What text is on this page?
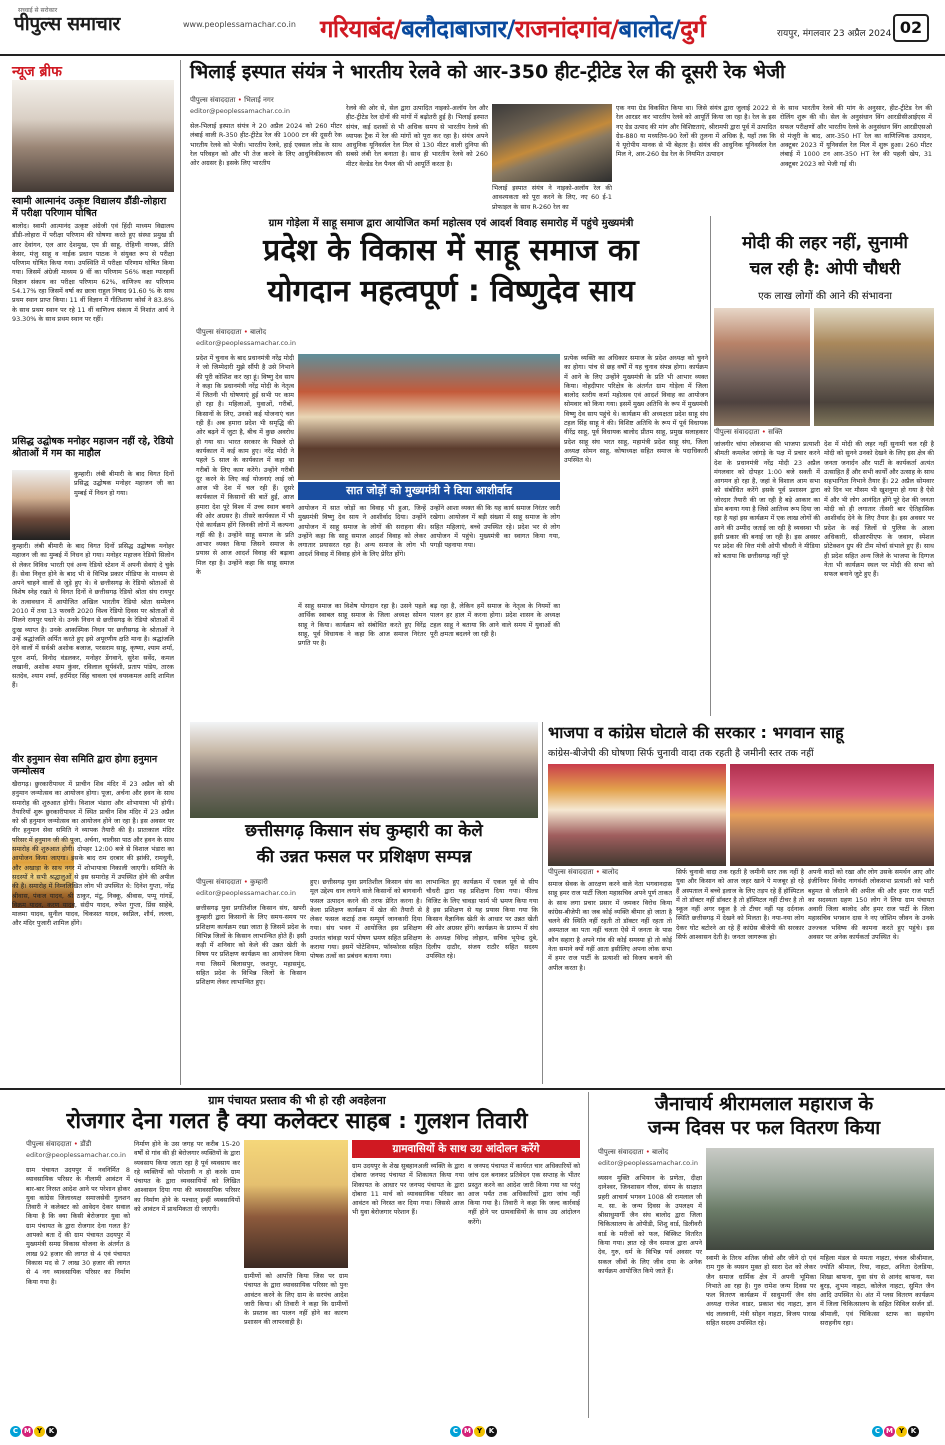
सच्चाई से सरोकार
पीपुल्स समाचार	www.peoplessamachar.co.in गरियाबंद/बलौदाबाजार/राजनांदगांव/बालोद/दुर्ग	रायपुर, मंगलवार 23 अप्रैल 2024 02
न्यूज ब्रीफ
स्वामी आत्मानंद उत्कृष्ट विद्यालय डौंडी-लोहारा में परीक्षा परिणाम घोषित
बालोद। स्वामी आत्मानंद उत्कृष्ट अंग्रेजी एवं हिंदी माध्यम विद्यालय डौंडी-लोहारा में परीक्षा परिणाम की घोषणा करते हुए संस्था प्रमुख डी आर देवांगन, एल आर देशमुख, एम डी साहू, रोहिणी नायक, प्रीति केसर, मंजु साहू व नाईक प्रधान पाठक ने संयुक्त रूप से परीक्षा परिणाम घोषित किया गया। उपस्थिति में परीक्षा परिणाम घोषित किया गया। जिसमें अंग्रेजी माध्यम 9 वीं का परिणाम 56% कक्षा ग्यारहवीं विज्ञान संकाय का परीक्षा परिणाम 62%, वाणिज्य का परिणाम 54.17% रहा जिसमें वर्षा का छात्रा राहुल निषाद 91.60 % के साथ प्रथम स्थान प्राप्त किया। 11 वीं विज्ञान में गीतिशाया कोर्स ने 83.8% के साथ प्रथम स्थान पर रहे 11 वीं वाणिज्य संकाय में निशांत आर्य ने 93.30% के साथ प्रथम स्थान पर रहीं।
प्रसिद्ध उद्घोषक मनोहर महाजन नहीं रहे, रेडियो श्रोताओं में गम का माहौल
कुम्हारी। लंबी बीमारी के बाद विगत दिनों प्रसिद्ध उद्घोषक मनोहर महाजन जी का मुम्बई में निधन हो गया।
कुम्हारी। लंबी बीमारी के बाद विगत दिनों प्रसिद्ध उद्घोषक मनोहर महाजन जी का मुम्बई में निधन हो गया। मनोहर महाजन रेडियो सिलोन से लेकर विविध भारती एवं अन्य रेडियो स्टेशन में अपनी सेवाएं दे चुके हैं। सेवा निवृत्त होने के बाद भी वे विभिन्न प्रकार मीडिया के माध्यम से अपने चाहने वालों से जुड़े हुए थे। वे छत्तीसगढ़ के रेडियो श्रोताओं से विशेष स्नेह रखते थे विगत दिनों वे छत्तीसगढ़ रेडियो श्रोता संघ रायपुर के तत्वावधान में आयोजित अखिल भारतीय रेडियो श्रोता सम्मेलन 2010 में तथा 13 फरवरी 2020 विश्व रेडियो दिवस पर श्रोताओं से मिलने रायपुर पधारे थे। उनके निधन से छत्तीसगढ़ के रेडियो श्रोताओं में दुःख व्याप्त है। उनके आकस्मिक निधन पर छत्तीसगढ़ के श्रोताओं ने उन्हें श्रद्धांजलि अर्पित करते हुए इसे अपूरणीय क्षति माना है। श्रद्धांजलि देने वालों में सर्वश्री अशोक बजाज, परसराम साहू, कृष्णा, श्याम शर्मा, पूरन शर्मा, विनोद वंडलकर, मनोहर डेंगवाने, सुरेश सर्वेद, कमल लखानी, अशोक श्याम कुंवर, रविलाल सूर्यवंशी, प्रताप पांडेय, तारक सतदेव, श्याम शर्मा, हरमिंदर सिंह चावला एवं वयस्कमल आदि शामिल हैं।
वीर हनुमान सेवा समिति द्वारा होगा हनुमान जन्मोत्सव
खैरागढ़। छुरकारीपाथर में प्राचीन शिव मंदिर में 23 अप्रैल को श्री हनुमान जन्मोत्सव का आयोजन होगा। पूजा, अर्चना और हवन के साथ समारोह की शुरुआत होगी। विशाल भंडारा और शोभायात्रा भी होगी। तैयारियाँ शुरू छुरकारीपाथर में स्थित प्राचीन शिव मंदिर में 23 अप्रैल को श्री हनुमान जन्मोत्सव का आयोजन होने जा रहा है। इस अवसर पर वीर हनुमान सेवा समिति ने व्यापक तैयारी की है। प्रातःकाल मंदिर परिसर में हनुमान जी की पूजा, अर्चना, चालीसा पाठ और हवन के साथ समारोह की शुरुआत होगी। दोपहर 12:00 बजे से विशाल भंडारा का आयोजन किया जाएगा। इसके बाद राम दरबार की झांकी, रामधुनी, और अखाड़ा के साथ नगर में शोभायात्रा निकाली जाएगी। समिति के सदस्यों ने सभी श्रद्धालुओं से इस समारोह में उपस्थित होने की अपील की है। समारोह में निम्नलिखित लोग भी उपस्थित थे: दिनेश गुप्ता, नरेंद्र श्रीवास, पंकज यादव, श्री ठाकुर, मंटू, निक्कू, श्रीवास, पप्पू गांगर्डे, विक्रम यादव, करण यादव, संदीप यादव, रुपेश गुप्ता, प्रिंस साहेबे, मालमा यादव, सुनील यादव, चिकसत यादव, स्वप्निल, शौर्य, लल्ला, और मंदिर पुजारी शामिल होंगे।
भिलाई इस्पात संयंत्र ने भारतीय रेलवे को आर-350 हीट-ट्रीटेड रेल की दूसरी रेक भेजी
पीपुल्स संवाददाता • भिलाई नगर
editor@peoplessamachar.co.in
सेल-भिलाई इस्पात संयंत्र ने 20 अप्रैल 2024 को 260 मीटर लंबाई वाली R-350 हीट-ट्रीटेड रेल की 1000 टन की दूसरी रेक भारतीय रेलवे को भेजी। भारतीय रेलवे, हाई एक्सल लोड के साथ रेल परिवहन को और भी तेज करने के लिए आधुनिकीकरण की ओर अग्रसर है। इसके लिए भारतीय
रेलवे की ओर से, सेल द्वारा उत्पादित नाइको-अलॉय रेल और हीट-ट्रीटेड रेल दोनों की मांगों में बढ़ोतरी हुई है। भिलाई इस्पात संयंत्र, कई दशकों से भी अधिक समय से भारतीय रेलवे की व्यापक ट्रैक में रेल की मांगों को पूरा कर रहा है। संयंत्र अपने आधुनिक यूनिवर्सल रेल मिल से 130 मीटर वाली दुनिया की सबसे लंबी रेल बनाता है। साथ ही भारतीय रेलवे को 260 मीटर वेल्डेड रेल पैनल की भी आपूर्ति करता है।
भिलाई इस्पात संयंत्र ने नाइको-अलॉय रेल की आवश्यकता को पूरा करने के लिए, नए 60 ई-1 प्रोफाइल के साथ R-260 रेल का
एक नया ग्रेड विकसित किया था। जिसे संयंत्र द्वारा जुलाई 2022 से रेल आरडर कर भारतीय रेलवे को आपूर्ति किया जा रहा है। रेल के इस नए ग्रेड उत्पाद की मांग और विशिष्टताएं, श्रीरामपी द्वारा पूर्व में उत्पादित ग्रेड-880 या मध्यतिम-90 रेलों की तुलना में अधिक है, यहाँ तक कि ये यूरोपीय मानक से भी बेहतर है। संयंत्र की आधुनिक यूनिवर्सल रेल मिल ने, आर-260 ग्रेड रेल के नियमित उत्पादन
के साथ भारतीय रेलवे की मांग के अनुसार, हीट-ट्रीटेड रेल की रोलिंग शुरू की थी। सेल के अनुसंधान विंग आरडीसीआईएस में सफल परीक्षणों और भारतीय रेलवे के अनुसंधान विंग आरडीएसओ से मंजूरी के बाद, आर-350 HT रेल का वाणिज्यिक उत्पादन, अक्टूबर 2023 में यूनिवर्सल रेल मिल में शुरू हुआ। 260 मीटर लंबाई में 1000 टन आर-350 HT रेल की पहली खेप, 31 अक्टूबर 2023 को भेजी गई थी।
ग्राम गोड़ेला में साहू समाज द्वारा आयोजित कर्मा महोत्सव एवं आदर्श विवाह समारोह में पहुंचे मुख्यमंत्री
प्रदेश के विकास में साहू समाज का
योगदान महत्वपूर्ण : विष्णुदेव साय
पीपुल्स संवाददाता • बालोद
editor@peoplessamachar.co.in
प्रदेश में चुनाव के बाद प्रधानमंत्री नरेंद्र मोदी ने जो जिम्मेदारी मुझे सौंपी है उसे निभाने की पूरी कोशिश कर रहा हूं। विष्णु देव साय ने कहा कि प्रधानमंत्री नरेंद्र मोदी के नेतृत्व में जितनी भी घोषणाएं हुई सभी पर काम हो रहा है। महिलाओं, युवाओं, गरीबों, किसानों के लिए, उनको कई योजनाएं चल रही हैं। अब हमारा प्रदेश भी समृद्धि की ओर बढ़ने में जुटा है, बीच में कुछ अवरोध हो गया था। भारत सरकार के पिछले दो कार्यकाल में कई काम हुए। नरेंद्र मोदी ने पहले 5 साल के कार्यकाल में कहा था गरीबों के लिए काम करेंगे। उन्होंने गरीबी दूर करने के लिए कई योजनाएं लाई जो आज भी देश में चल रही हैं। दूसरे कार्यकाल में किसानों की बातें हुईं, आज हमारा देश पूरे विश्व में उच्च स्थान बनाने की ओर अग्रसर है। तीसरे कार्यकाल में भी ऐसे कार्यक्रम होंगे जिनकी लोगों में कल्पना नहीं की है। उन्होंने साहू समाज के प्रति आभार व्यक्त किया जिसने समाज के प्रयास से आज आदर्श विवाह की बढ़ावा मिल रहा है। उन्होंने कहा कि साहू समाज के
सात जोड़ों को मुख्यमंत्री ने दिया आशीर्वाद
आयोजन में सात जोड़ों का विवाह भी हुआ, जिन्हें मुख्यमंत्री विष्णु देव साय ने आशीर्वाद दिया। उन्होंने आयोजन में साहू समाज के लोगों की सराहना की। उन्होंने कहा कि साहू समाज आदर्श विवाह को लेकर लगातार प्रयासरत रहा है। अन्य समाज के लोग भी आदर्श विवाह में विवाह होने के लिए प्रेरित होंगे।
उन्होंने आशा व्यक्त की कि यह कार्य समाज निरंतर जारी रखेगा। आयोजन में बड़ी संख्या में साहू समाज के लोग सहित महिलाएं, बच्चे उपस्थित रहे। प्रदेश भर से लोग आयोजन में पहुंचे। मुख्यमंत्री का स्वागत किया गया, पगड़ी पहनाया गया।
में साहू समाज का विशेष योगदान रहा है। उसने पहले आर्थिक स्वाबल साहू समाज के जिला अध्यक्ष सोमन साहू ने किया। कार्यक्रम को संबोधित करते हुए विरेंद्र साहू, पूर्व विधायक ने कहा कि आज समाज निरंतर प्रगति पर है।
बढ़ रहा है, लेकिन हमें समाज के नेतृत्व के नियमों का पालन हर हाल में करना होगा। प्रदेश शासन के अध्यक्ष टहल साहू ने बताया कि आने वाले समय में युवाओं की पूरी क्षमता बदलने जा रही है।
प्रत्येक व्यक्ति का अधिकार समाज के प्रदेश अध्यक्ष को चुनने का होगा। पांच से छह वर्षों में यह चुनाव संपन्न होगा। कार्यक्रम में आने के लिए उन्होंने मुख्यमंत्री के प्रति भी आभार व्यक्त किया। नोहदीपार परिक्षेत्र के अंतर्गत ग्राम गोड़ेला में जिला बालोद स्तरीय कर्मा महोत्सव एवं आदर्श विवाह का आयोजन सोमवार को किया गया। इसमें मुख्य अतिथि के रूप में मुख्यमंत्री विष्णु देव साय पहुंचे थे। कार्यक्रम की अध्यक्षता प्रदेश साहू संघ टहल सिंह साहू ने की। विशिष्ट अतिथि के रूप में पूर्व विधायक वीरेंद्र साहू, पूर्व विधायक बालोद प्रीतम साहू, प्रमुख सलाहकार प्रदेश साहू संघ भरत साहू, महामंत्री प्रदेश साहू संघ, जिला अध्यक्ष सोमन साहू, कोषाध्यक्ष सहित समाज के पदाधिकारी उपस्थित थे।
मोदी की लहर नहीं, सुनामी
चल रही है: ओपी चौधरी
एक लाख लोगों की आने की संभावना
पीपुल्स संवाददाता • सक्ति
जांजगीर चांपा लोकसभा की भाजपा प्रत्याशी श्रीमती कमलेश जांगड़े के पक्ष में प्रचार करने देश के प्रधानमंत्री नरेंद्र मोदी 23 अप्रैल मंगलवार को दोपहर 1:00 बजे सक्ती में आगमन हो रहा है, जहां वे विशाल आम सभा को संबोधित करेंगे इसके पूर्व प्रशासन द्वारा जोरदार तैयारी की जा रही है बड़े आकार का डोम बनाया गया है जिसे आतिथ्य रूप दिया जा रहा है यहां इस कार्यक्रम में एक लाख लोगों की आने की उम्मीद जताई जा रही है व्यवस्था भी इसी प्रकार की बनाई जा रही है। इस अवसर पर प्रदेश की वित्त मंत्री ओपी चौधरी ने मीडिया को बताया कि छत्तीसगढ़ नहीं पूरे
देश में मोदी की लहर नहीं सुनामी चल रही है मोदी को सुनने उनको देखने के लिए इस क्षेत्र की जनता जनार्दन और पार्टी के कार्यकर्ता अत्यंत उत्साहित हैं और सभी कार्यों और उत्साह के साथ सहभागिता निभाने तैयार हैं। 22 अप्रैल सोमवार को दिन भर मौसम भी खुशनुमा हो गया है ऐसे में और भी लोग आनंदित होंगे पूरे देश की जनता मोदी को ही लगातार तीसरी बार ऐतिहासिक आशीर्वाद देने के लिए तैयार है। इस अवसर पर प्रदेश के कई जिलों से पुलिस के आला अधिकारी, सीआरपीएफ के जवान, स्पेशल प्रोटेक्शन ग्रुप की टीम मोर्चा संभाले हुए हैं। साथ ही प्रदेश सहित अन्य जिले के भाजपा के दिग्गज नेता भी कार्यक्रम स्थल पर मोदी की सभा को सफल बनाने जुटे हुए हैं।
छत्तीसगढ़ किसान संघ कुम्हारी का केले
की उन्नत फसल पर प्रशिक्षण सम्पन्न
पीपुल्स संवाददाता • कुम्हारी
editor@peoplessamachar.co.in
छत्तीसगढ़ युवा प्रगतिशील किसान संघ, खपरी कुम्हारी द्वारा किसानों के लिए समय-समय पर प्रशिक्षण कार्यक्रम रखा जाता है जिसमें प्रदेश के विभिन्न जिलों के किसान लाभान्वित होते हैं। इसी कड़ी में शनिवार को केले की उन्नत खेती के विषय पर प्रशिक्षण कार्यक्रम का आयोजन किया गया जिसमें बिलासपुर, जशपुर, महासमुंद, सहित प्रदेश के विभिन्न जिलों के किसान प्रशिक्षण लेकर लाभान्वित हुए।
हुए। छत्तीसगढ़ युवा प्रगतिशील किसान संघ का मूल उद्देश्य धान लगाने वाले किसानों को बागवानी फसल उत्पादन करने की तरफ प्रेरित करना है। केला प्रशिक्षण कार्यक्रम में खेत की तैयारी से लेकर फसल कटाई तक सम्पूर्ण जानकारी दिया गया। संघ भवन में आयोजित इस प्रशिक्षण उपरांत चांवड़ा फार्म पोषण भ्रमण सहित प्रशिक्षण कराया गया। इसमें पोटेशियम, फॉस्फोरस सहित पोषक तत्वों का प्रबंधन बताया गया।
लाभान्वित हुए कार्यक्रम में एकल पूर्व से सीप चौधरी द्वारा यह प्रशिक्षण दिया गया। फील्ड विजिट के लिए चावड़ा फार्म भी भ्रमण किया गया है इस प्रशिक्षण से यह प्रयास किया गया कि किसान वैज्ञानिक खेती के आधार पर उन्नत खेती की ओर अग्रसर होंगे। कार्यक्रम के प्रारम्भ में संघ के अध्यक्ष विरेन्द्र लोहान, सचिव भूपेन्द्र दुबे, दिलीप दाठौर, संजय राठौर सहित सदस्य उपस्थित रहे।
भाजपा व कांग्रेस घोटाले की सरकार : भगवान साहू
कांग्रेस-बीजेपी की घोषणा सिर्फ चुनावी वादा तक रहती है जमीनी स्तर तक नहीं
पीपुल्स संवाददाता • बालोद
समाज सेवक के आरक्षण करने वाले नेता भगवानदास साहू हमर राज पार्टी जिला महासचिव अपने पूर्ण ताकत के साथ लगा प्रचार प्रसार में जमकर विरोध किया कांग्रेस-बीजेपी का जब कोई व्यक्ति बीमार हो जाता है चलने की स्थिति नहीं रहती तो डॉक्टर नहीं रहता तो अस्पताल का पता नहीं चलता ऐसे में जनता के पास कौन सहारा है अपने गांव की कोई समस्या हो तो कोई नेता समाने क्यों नहीं आता इसीलिए अपना लोक सभा में हमर राज पार्टी के प्रत्याशी को विजय बनाने की अपील करता है।
सिर्फ चुनावी वादा तक रहती है जमीनी स्तर तक नहीं है युवा और किसान को आज जहर खाने पे मजबूर हो रहे हैं अस्पताल में बच्चे इलाज के लिए तड़प रहे हैं हॉस्पिटल में तो डॉक्टर नहीं डॉक्टर है तो हॉस्पिटल नहीं टीचर है तो स्कूल नहीं अगर स्कूल है तो टीचर नहीं यह दर्दनाक स्थिति छत्तीसगढ़ में देखने को मिलता है। नया-नया लोग देकर घोट बटोरने आ रहे हैं कांग्रेस बीजेपी की सरकार सिर्फ आश्वासन देती है। जनता जागरूक हो।
अपनी वादों को रखा और लोग उसके समर्थन आए और इंजीनियर विनोद नागवंशी लोकसभा प्रत्याशी को भारी बहुमत से जीताने की अपील की और हमर राज पार्टी का सदस्यता ग्रहण 150 लोग ने लिया ग्राम पंचायत अवारी जिला बालोद और हमर राज पार्टी के जिला महासचिव भगवान दास ने नए जोशिम जीवन के उनके उज्ज्वल भविष्य की कामना करते हुए पहुंचे। इस अवसर पर अनेक कार्यकर्ता उपस्थित थे।
ग्राम पंचायत प्रस्ताव की भी हो रही अवहेलना
रोजगार देना गलत है क्या कलेक्टर साहब : गुलशन तिवारी
पीपुल्स संवाददाता • डौंडी
editor@peoplessamachar.co.in
ग्राम पंचायत उदयपुर में नवनिर्मित 8 व्यावसायिक परिसर के नीलामी आवंटन में बार-बार निरस्त आदेश आने पर परेशान होकर युवा कांग्रेस जिलाध्यक्ष समाजसेवी गुलशन तिवारी ने कलेक्टर को आवेदन देकर सवाल किया है कि क्या किसी बेरोजगार युवा को ग्राम पंचायत के द्वारा रोजगार देना गलत है? आपको बता दें की ग्राम पंचायत उदयपुर में मुख्यमंत्री समग्र विकास योजना के अंतर्गत 8 लाख 92 हजार की लागत से 4 एवं पंचायत विकास मद से 7 लाख 30 हजार की लागत से 4 नग व्यावसायिक परिसर का निर्माण किया गया है।
निर्माण होने के उस जगह पर करीब 15-20 वर्षों से गांव की ही बेरोजगार व्यक्तियों के द्वारा व्यवसाय किया जाता रहा है पूर्व व्यवसाय कर रहे व्यक्तियों को परेशानी न हो करके ग्राम पंचायत के द्वारा व्यवसायियों को लिखित आश्वासन दिया गया की व्यावसायिक परिसर का निर्माण होने के पश्चात् इन्हीं व्यवसायियों को आवंटन में प्राथमिकता दी जाएगी।
ग्रामीणों को आपत्ति किया जिस पर ग्राम पंचायत के द्वारा व्यावसायिक परिसर को पुनः आवंटन करने के लिए ग्राम के सरपंच आदेश जारी किया। श्री तिवारी ने कहा कि ग्रामीणों के प्रस्ताव का पालन नहीं होने का कारण प्रशासन की लापरवाही है।
ग्रामवासियों के साथ उग्र आंदोलन करेंगे
ग्राम उदयपुर के शेख सुबहानअली व्यक्ति के द्वारा दोबारा जनपद पंचायत में शिकायत किया गया शिकायत के आधार पर जनपद पंचायत के द्वारा दोबारा 11 मार्च को व्यावसायिक परिसर का आवंटन को निरस्त कर दिया गया। जिससे आज भी युवा बेरोजगार परेशान हैं।
व जनपद पंचायत में कार्यरत चार अधिकारियों को जांच दल बनाकर प्रतिवेदन एक सप्ताह के भीतर प्रस्तुत करने का आदेश जारी किया गया था परंतु आज पर्यंत तक अधिकारियों द्वारा जांच नहीं किया गया है। तिवारी ने कहा कि जल्द कार्रवाई नहीं होने पर ग्रामवासियों के साथ उग्र आंदोलन करेंगे।
जैनाचार्य श्रीरामलाल महाराज के
जन्म दिवस पर फल वितरण किया
पीपुल्स संवाददाता • बालोद
editor@peoplessamachar.co.in
व्यसन मुक्ति अभियान के प्रणेता, दीक्षा दानेश्वर, जिनशासन गौरव, संयम के साक्षात प्रहरी आचार्य भगवन 1008 श्री रामलाल जी म. सा. के जन्म दिवस के उपलक्ष्य में श्रीसाधुमार्गी जैन संघ बालोद द्वारा जिला चिकित्सालय के ओपीडी, शिशु वार्ड, डिलीवरी वार्ड के मरीजों को फल, बिस्किट वितरित किया गया। ज्ञात रहे जैन समाज द्वारा अपने देव, गुरु, धर्म के विभिन्न पर्व अवसर पर सकल जीवों के लिए जीव दया के अनेक कार्यक्रम आयोजित किये जाते हैं।
स्वामी के तिरथ शतिक जीवो और जीने दो एवं राम गुरु के व्यसन मुक्त हो सारा देश को लेकर जैन समाज धार्मिक क्षेत्र में अपनी भूमिका निभाते आ रहा है। गुरु रामेश जन्म दिवस पर फल वितरण कार्यक्रम में साधुमार्गी जैन संघ अध्यक्ष राजेश वाडर, प्रकाश चंद नाहटा, ज्ञान चंद ललवानी, मंत्री सोहन नाहटा, विजय पारख सहित सदस्य उपस्थित रहे।
महिला मंडल से ममता नाहटा, चंचल श्रीश्रीमाल, ज्योति श्रीमाल, रिया, नाहटा, अनिता देलडिया, शिखा बाफना, युवा संघ से आनंद बाफना, यश बुरड़, शुभम नाहटा, कोलेज नाहटा, सुमित जैन आदि उपस्थित थे। अंत में प्लस वितरण कार्यक्रम में जिला चिकित्सालय के सहित सिविल सर्जन डॉ. श्रीमाली, एवं चिकित्सा स्टाफ का सहयोग सराहनीय रहा।
C M Y K	C M Y K	C M Y K
